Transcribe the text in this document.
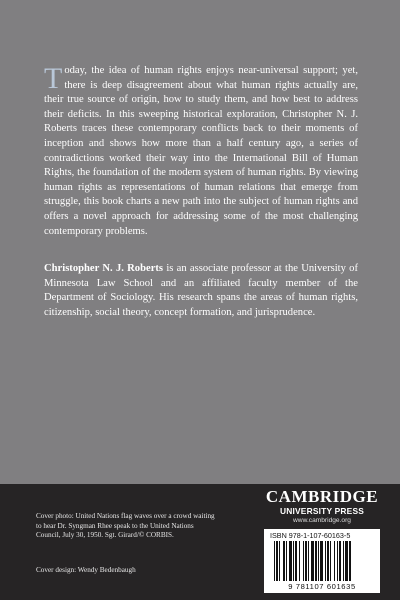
Today, the idea of human rights enjoys near-universal support; yet, there is deep disagreement about what human rights actually are, their true source of origin, how to study them, and how best to address their deficits. In this sweeping historical exploration, Christopher N. J. Roberts traces these contemporary conflicts back to their moments of inception and shows how more than a half century ago, a series of contradictions worked their way into the International Bill of Human Rights, the foundation of the modern system of human rights. By viewing human rights as representations of human relations that emerge from struggle, this book charts a new path into the subject of human rights and offers a novel approach for addressing some of the most challenging contemporary problems.

Christopher N. J. Roberts is an associate professor at the University of Minnesota Law School and an affiliated faculty member of the Department of Sociology. His research spans the areas of human rights, citizenship, social theory, concept formation, and jurisprudence.

Cover photo: United Nations flag waves over a crowd waiting to hear Dr. Syngman Rhee speak to the United Nations Council, July 30, 1950. Sgt. Girard/© CORBIS.

Cover design: Wendy Bedenbaugh

CAMBRIDGE
UNIVERSITY PRESS
www.cambridge.org
ISBN 978-1-107-60163-5
9 781107 601635
